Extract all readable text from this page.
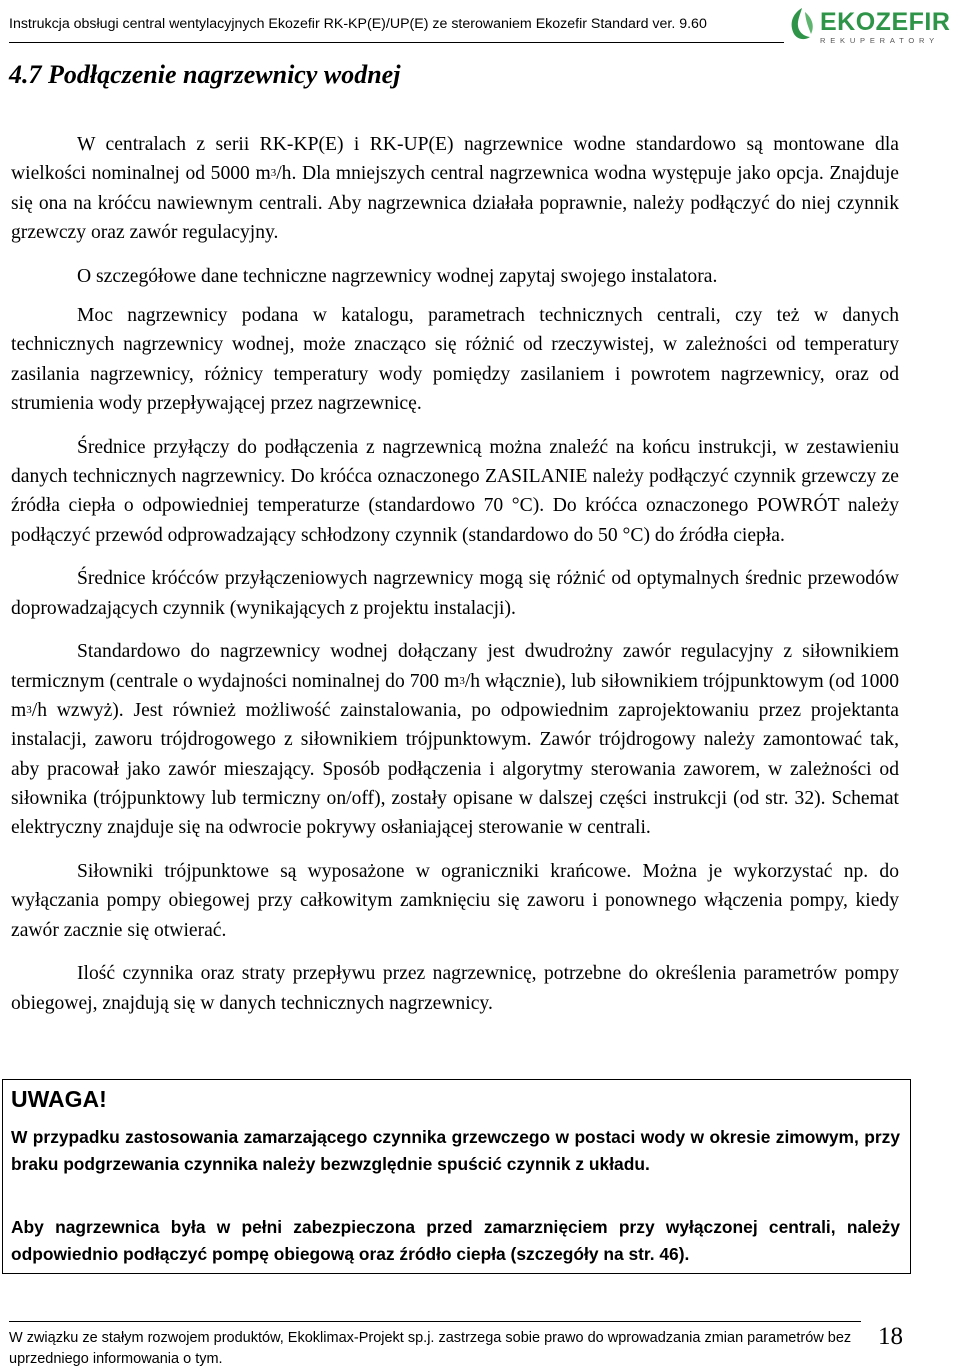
Instrukcja obsługi central wentylacyjnych Ekozefir RK-KP(E)/UP(E) ze sterowaniem Ekozefir Standard ver. 9.60	EKOZEFIR
REKUPERATORY
4.7 Podłączenie nagrzewnicy wodnej

W centralach z serii RK-KP(E) i RK-UP(E) nagrzewnice wodne standardowo są montowane dla wielkości nominalnej od 5000 $m^3/h$. Dla mniejszych central nagrzewnica wodna występuje jako opcja. Znajduje się ona na króćcu nawiewnym centrali. Aby nagrzewnica działała poprawnie, należy podłączyć do niej czynnik grzewczy oraz zawór regulacyjny.

O szczegółowe dane techniczne nagrzewnicy wodnej zapytaj swojego instalatora.

Moc nagrzewnicy podana w katalogu, parametrach technicznych centrali, czy też w danych technicznych nagrzewnicy wodnej, może znacząco się różnić od rzeczywistej, w zależności od temperatury zasilania nagrzewnicy, różnicy temperatury wody pomiędzy zasilaniem i powrotem nagrzewnicy, oraz od strumienia wody przepływającej przez nagrzewnicę.

Średnice przyłączy do podłączenia z nagrzewnicą można znaleźć na końcu instrukcji, w zestawieniu danych technicznych nagrzewnicy. Do króćca oznaczonego ZASILANIE należy podłączyć czynnik grzewczy ze źródła ciepła o odpowiedniej temperaturze (standardowo 70 °C). Do króćca oznaczonego POWRÓT należy podłączyć przewód odprowadzający schłodzony czynnik (standardowo do 50 °C) do źródła ciepła.

Średnice króćców przyłączeniowych nagrzewnicy mogą się różnić od optymalnych średnic przewodów doprowadzających czynnik (wynikających z projektu instalacji).

Standardowo do nagrzewnicy wodnej dołączany jest dwudrożny zawór regulacyjny z siłownikiem termicznym (centrale o wydajności nominalnej do 700 $m^3/h$ włącznie), lub siłownikiem trójpunktowym (od 1000 $m^3/h$ wzwyż). Jest również możliwość zainstalowania, po odpowiednim zaprojektowaniu przez projektanta instalacji, zaworu trójdrogowego z siłownikiem trójpunktowym. Zawór trójdrogowy należy zamontować tak, aby pracował jako zawór mieszający. Sposób podłączenia i algorytmy sterowania zaworem, w zależności od siłownika (trójpunktowy lub termiczny on/off), zostały opisane w dalszej części instrukcji (od str. 32). Schemat elektryczny znajduje się na odwrocie pokrywy osłaniającej sterowanie w centrali.

Siłowniki trójpunktowe są wyposażone w ograniczniki krańcowe. Można je wykorzystać np. do wyłączania pompy obiegowej przy całkowitym zamknięciu się zaworu i ponownego włączenia pompy, kiedy zawór zacznie się otwierać.

Ilość czynnika oraz straty przepływu przez nagrzewnicę, potrzebne do określenia parametrów pompy obiegowej, znajdują się w danych technicznych nagrzewnicy.

UWAGA!

W przypadku zastosowania zamarzającego czynnika grzewczego w postaci wody w okresie zimowym, przy braku podgrzewania czynnika należy bezwzględnie spuścić czynnik z układu.

Aby nagrzewnica była w pełni zabezpieczona przed zamarznięciem przy wyłączonej centrali, należy odpowiednio podłączyć pompę obiegową oraz źródło ciepła (szczegóły na str. 46).

W związku ze stałym rozwojem produktów, Ekoklimax-Projekt sp.j. zastrzega sobie prawo do wprowadzania zmian parametrów bez uprzedniego informowania o tym.
18
